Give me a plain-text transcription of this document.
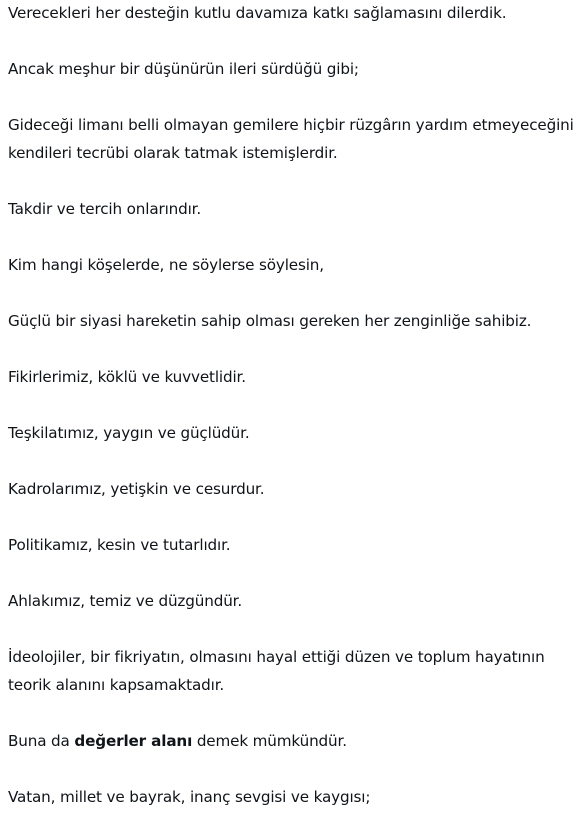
Verecekleri her desteğin kutlu davamıza katkı sağlamasını dilerdik.

Ancak meşhur bir düşünürün ileri sürdüğü gibi;

Gideceği limanı belli olmayan gemilere hiçbir rüzgârın yardım etmeyeceğini kendileri tecrübi olarak tatmak istemişlerdir.

Takdir ve tercih onlarındır.

Kim hangi köşelerde, ne söylerse söylesin,

Güçlü bir siyasi hareketin sahip olması gereken her zenginliğe sahibiz.

Fikirlerimiz, köklü ve kuvvetlidir.

Teşkilatımız, yaygın ve güçlüdür.

Kadrolarımız, yetişkin ve cesurdur.

Politikamız, kesin ve tutarlıdır.

Ahlakımız, temiz ve düzgündür.

İdeolojiler, bir fikriyatın, olmasını hayal ettiği düzen ve toplum hayatının teorik alanını kapsamaktadır.

Buna da değerler alanı demek mümkündür.

Vatan, millet ve bayrak, inanç sevgisi ve kaygısı;
